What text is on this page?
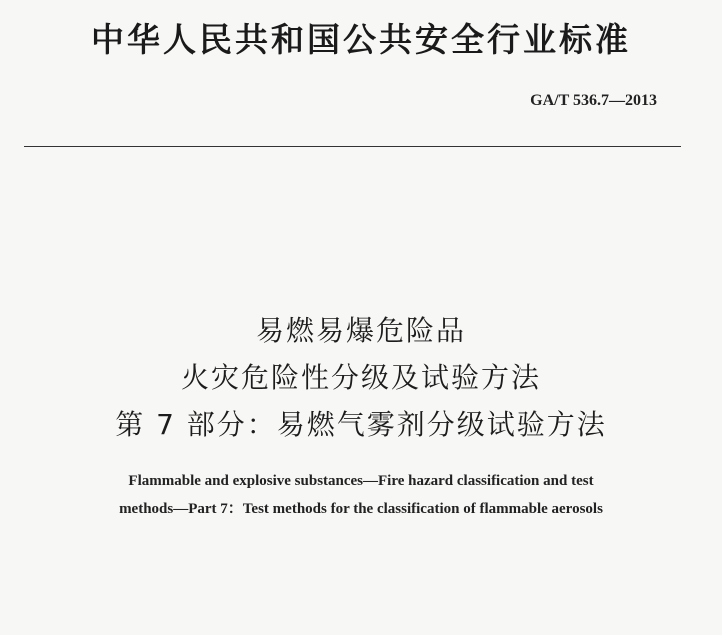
中华人民共和国公共安全行业标准
GA/T 536.7—2013
易燃易爆危险品
火灾危险性分级及试验方法
第 7 部分：易燃气雾剂分级试验方法
Flammable and explosive substances—Fire hazard classification and test
methods—Part 7：Test methods for the classification of flammable aerosols
